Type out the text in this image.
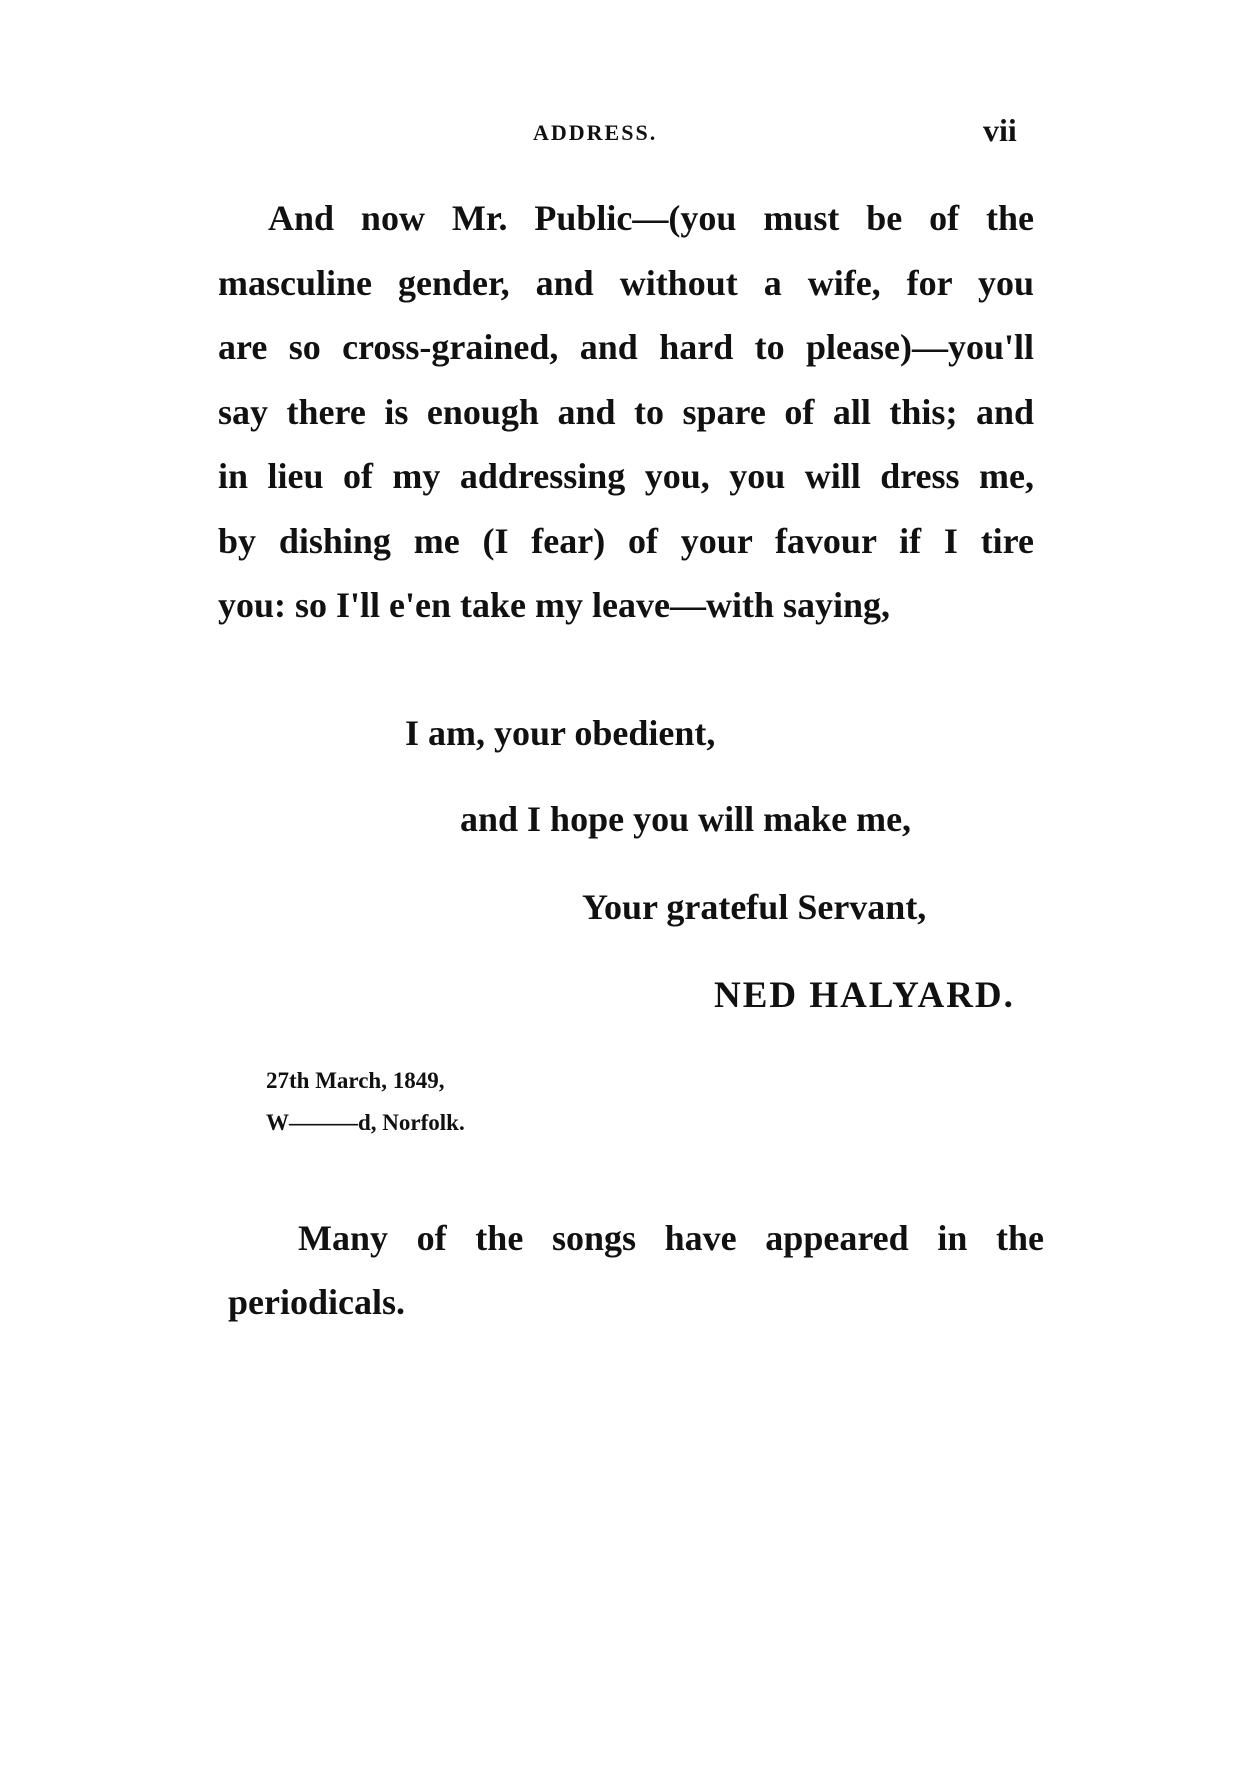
ADDRESS.	vii
And now Mr. Public—(you must be of the
masculine gender, and without a wife, for you
are so cross-grained, and hard to please)—you'll
say there is enough and to spare of all this; and
in lieu of my addressing you, you will dress me,
by dishing me (I fear) of your favour if I tire
you: so I'll e'en take my leave—with saying,
I am, your obedient,
and I hope you will make me,
Your grateful Servant,
NED HALYARD.
27th March, 1849,
W———d, Norfolk.
Many of the songs have appeared in the
periodicals.
